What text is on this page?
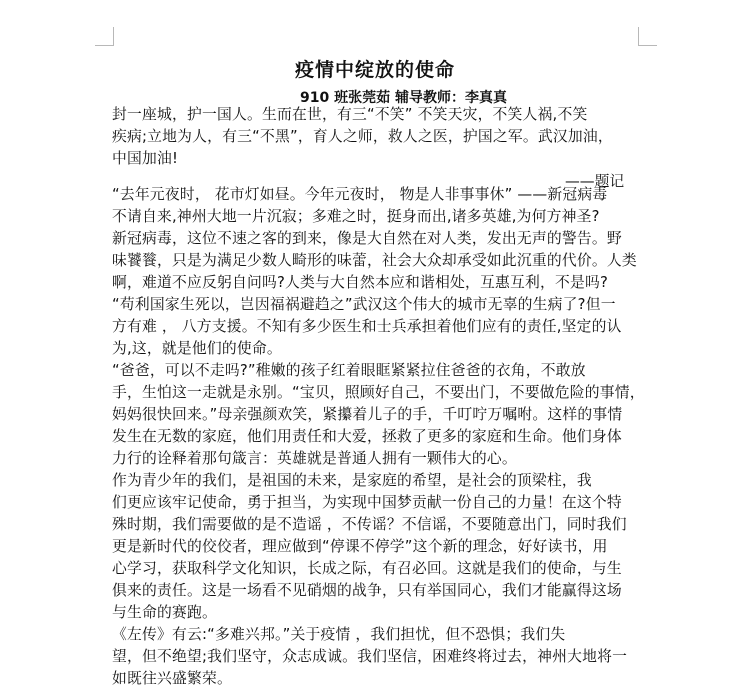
疫情中绽放的使命
910 班张莞茹 辅导教师：李真真
封一座城，护一国人。生而在世，有三“不笑” 不笑天灾，不笑人祸,不笑
疾病;立地为人，有三“不黑”，育人之师，救人之医，护国之军。武汉加油，
中国加油!
——题记
“去年元夜时， 花市灯如昼。今年元夜时， 物是人非事事休” ——新冠病毒
不请自来,神州大地一片沉寂；多难之时，挺身而出,诸多英雄,为何方神圣?
新冠病毒，这位不速之客的到来，像是大自然在对人类，发出无声的警告。野
味饕餮，只是为满足少数人畸形的味蕾，社会大众却承受如此沉重的代价。人类
啊，难道不应反躬自问吗?人类与大自然本应和谐相处，互惠互利，不是吗?
“苟利国家生死以，岂因福祸避趋之”武汉这个伟大的城市无辜的生病了?但一
方有难 ， 八方支援。不知有多少医生和士兵承担着他们应有的责任,坚定的认
为,这，就是他们的使命。
“爸爸，可以不走吗?”稚嫩的孩子红着眼眶紧紧拉住爸爸的衣角，不敢放
手，生怕这一走就是永别。“宝贝，照顾好自己，不要出门，不要做危险的事情，
妈妈很快回来。”母亲强颜欢笑，紧攥着儿子的手，千叮咛万嘱咐。这样的事情
发生在无数的家庭，他们用责任和大爱，拯救了更多的家庭和生命。他们身体
力行的诠释着那句箴言：英雄就是普通人拥有一颗伟大的心。
作为青少年的我们，是祖国的未来，是家庭的希望，是社会的顶梁柱，我
们更应该牢记使命，勇于担当，为实现中国梦贡献一份自己的力量！在这个特
殊时期，我们需要做的是不造谣 ，不传谣？不信谣，不要随意出门，同时我们
更是新时代的佼佼者，理应做到“停课不停学”这个新的理念，好好读书，用
心学习，获取科学文化知识，长成之际，有召必回。这就是我们的使命，与生
俱来的责任。这是一场看不见硝烟的战争，只有举国同心，我们才能赢得这场
与生命的赛跑。
《左传》有云:“多难兴邦。”关于疫情 ，我们担忧，但不恐惧；我们失
望，但不绝望;我们坚守，众志成诚。我们坚信，困难终将过去，神州大地将一
如既往兴盛繁荣。
